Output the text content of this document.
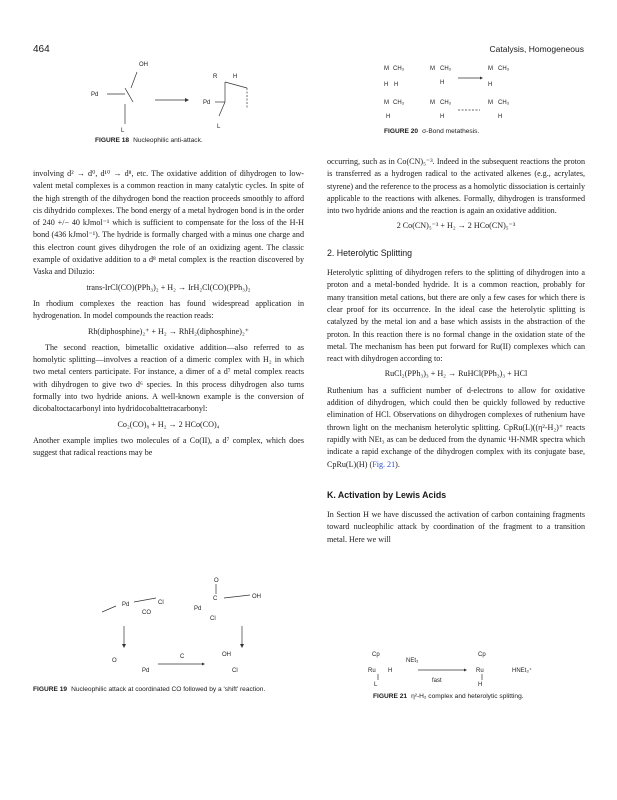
464	Catalysis, Homogeneous
OH
Pd
L
R	H
Pd
L
FIGURE 18 Nucleophilic anti-attack.
M CH₃	M CH₃	M CH₃
H H	H	H
M CH₃	M CH₃	M CH₃
H	H	H
FIGURE 20 σ-Bond metathesis.

involving d² → d⁰, d¹⁰ → d⁸, etc. The oxidative addition of dihydrogen to low-valent metal complexes is a common reaction in many catalytic cycles. In spite of the high strength of the dihydrogen bond the reaction proceeds smoothly to afford cis dihydrido complexes. The bond energy of a metal hydrogen bond is in the order of 240 +/− 40 kJmol⁻¹ which is sufficient to compensate for the loss of the H-H bond (436 kJmol⁻¹). The hydride is formally charged with a minus one charge and this electron count gives dihydrogen the role of an oxidizing agent. The classic example of oxidative addition to a d⁸ metal complex is the reaction discovered by Vaska and Diluzio:

trans-IrCl(CO)(PPh₃)₂ + H₂ → IrH₂Cl(CO)(PPh₃)₂

In rhodium complexes the reaction has found widespread application in hydrogenation. In model compounds the reaction reads:

Rh(diphosphine)₂⁺ + H₂ → RhH₂(diphosphine)₂⁺

The second reaction, bimetallic oxidative addition—also referred to as homolytic splitting—involves a reaction of a dimeric complex with H₂ in which two metal centers participate. For instance, a dimer of a d⁷ metal complex reacts with dihydrogen to give two d⁶ species. In this process dihydrogen also turns formally into two hydride anions. A well-known example is the conversion of dicobaltoctacarbonyl into hydridocobalttetracarbonyl:

Co₂(CO)₈ + H₂ → 2 HCo(CO)₄

Another example implies two molecules of a Co(II), a d⁷ complex, which does suggest that radical reactions may be

O
C
Pd	Cl
CO
OH
Pd
Cl
O
OH
C
Pd	Cl
FIGURE 19 Nucleophilic attack at coordinated CO followed by a 'shift' reaction.

occurring, such as in Co(CN)₅⁻³. Indeed in the subsequent reactions the proton is transferred as a hydrogen radical to the activated alkenes (e.g., acrylates, styrene) and the reference to the process as a homolytic dissociation is certainly applicable to the reactions with alkenes. Formally, dihydrogen is transformed into two hydride anions and the reaction is again an oxidative addition.

2 Co(CN)₅⁻³ + H₂ → 2 HCo(CN)₅⁻³
2. Heterolytic Splitting

Heterolytic splitting of dihydrogen refers to the splitting of dihydrogen into a proton and a metal-bonded hydride. It is a common reaction, probably for many transition metal cations, but there are only a few cases for which there is clear proof for its occurrence. In the ideal case the heterolytic splitting is catalyzed by the metal ion and a base which assists in the abstraction of the proton. In this reaction there is no formal change in the oxidation state of the metal. The mechanism has been put forward for Ru(II) complexes which can react with dihydrogen according to:

RuCl₂(PPh₃)₃ + H₂ → RuHCl(PPh₃)₃ + HCl

Ruthenium has a sufficient number of d-electrons to allow for oxidative addition of dihydrogen, which could then be quickly followed by reductive elimination of HCl. Observations on dihydrogen complexes of ruthenium have thrown light on the mechanism heterolytic splitting. CpRu(L)((η²-H₂)⁺ reacts rapidly with NEt₃ as can be deduced from the dynamic ¹H-NMR spectra which indicate a rapid exchange of the dihydrogen complex with its conjugate base, CpRu(L)(H) (Fig. 21).

K. Activation by Lewis Acids

In Section H we have discussed the activation of carbon containing fragments toward nucleophilic attack by coordination of the fragment to a transition metal. Here we will

Cp
NEt₃
Cp
Ru H
L
Ru
H
HNEt₃⁺
fast
FIGURE 21 η²-H₂ complex and heterolytic splitting.
